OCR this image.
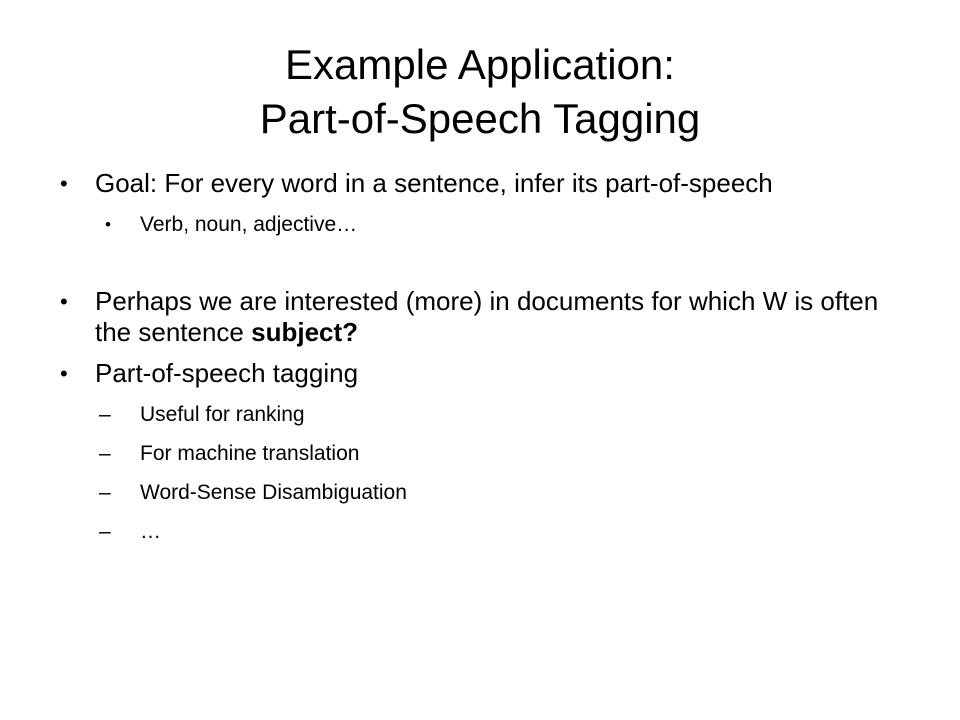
Example Application:
Part-of-Speech Tagging

•	Goal: For every word in a sentence, infer its part-of-speech

• Verb, noun, adjective…

•	Perhaps we are interested (more) in documents for which W is often the sentence subject?

•	Part-of-speech tagging

– Useful for ranking

– For machine translation

– Word-Sense Disambiguation

– …
